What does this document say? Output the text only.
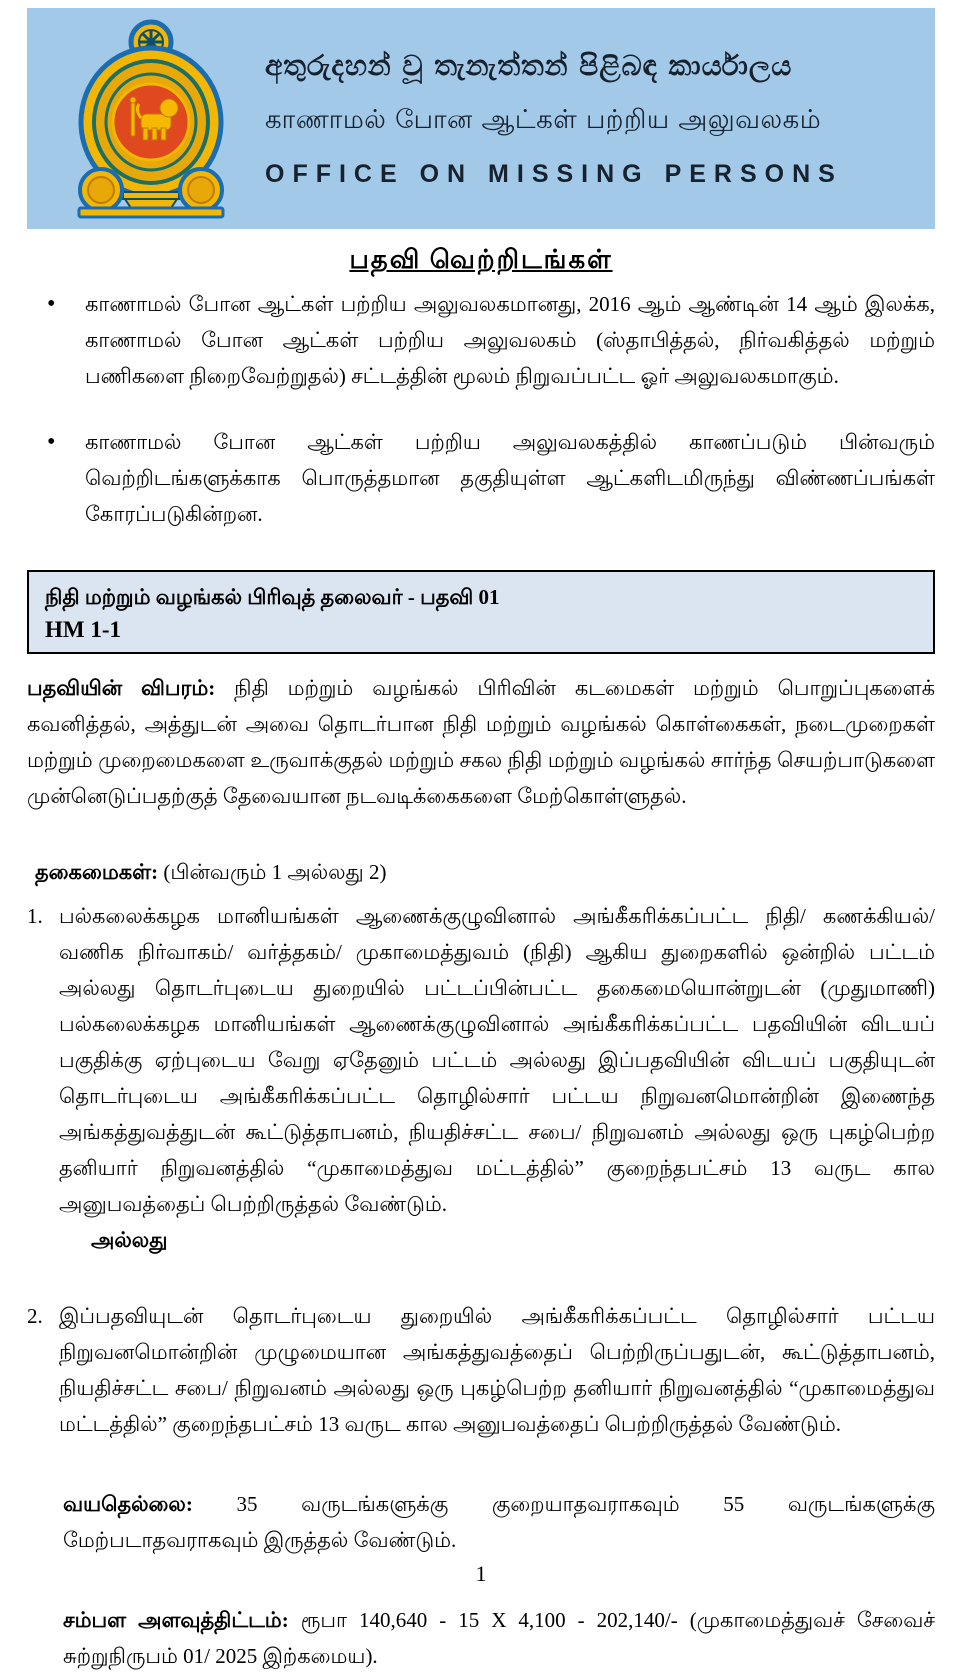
අතුරුදහන් වූ තැනැත්තන් පිළිබඳ කාර්යාලය
காணாமல் போன ஆட்கள் பற்றிய அலுவலகம்
OFFICE ON MISSING PERSONS
பதவி வெற்றிடங்கள்
•
காணாமல் போன ஆட்கள் பற்றிய அலுவலகமானது, 2016 ஆம் ஆண்டின் 14 ஆம் இலக்க, காணாமல் போன ஆட்கள் பற்றிய அலுவலகம் (ஸ்தாபித்தல், நிர்வகித்தல் மற்றும் பணிகளை நிறைவேற்றுதல்) சட்டத்தின் மூலம் நிறுவப்பட்ட ஓர் அலுவலகமாகும்.
•
காணாமல் போன ஆட்கள் பற்றிய அலுவலகத்தில் காணப்படும் பின்வரும் வெற்றிடங்களுக்காக பொருத்தமான தகுதியுள்ள ஆட்களிடமிருந்து விண்ணப்பங்கள் கோரப்படுகின்றன.
நிதி மற்றும் வழங்கல் பிரிவுத் தலைவர் - பதவி 01
HM 1-1

பதவியின் விபரம்: நிதி மற்றும் வழங்கல் பிரிவின் கடமைகள் மற்றும் பொறுப்புகளைக் கவனித்தல், அத்துடன் அவை தொடர்பான நிதி மற்றும் வழங்கல் கொள்கைகள், நடைமுறைகள் மற்றும் முறைமைகளை உருவாக்குதல் மற்றும் சகல நிதி மற்றும் வழங்கல் சார்ந்த செயற்பாடுகளை முன்னெடுப்பதற்குத் தேவையான நடவடிக்கைகளை மேற்கொள்ளுதல்.

தகைமைகள்: (பின்வரும் 1 அல்லது 2)

1. பல்கலைக்கழக மானியங்கள் ஆணைக்குழுவினால் அங்கீகரிக்கப்பட்ட நிதி/ கணக்கியல்/ வணிக நிர்வாகம்/ வர்த்தகம்/ முகாமைத்துவம் (நிதி) ஆகிய துறைகளில் ஒன்றில் பட்டம் அல்லது தொடர்புடைய துறையில் பட்டப்பின்பட்ட தகைமையொன்றுடன் (முதுமாணி) பல்கலைக்கழக மானியங்கள் ஆணைக்குழுவினால் அங்கீகரிக்கப்பட்ட பதவியின் விடயப் பகுதிக்கு ஏற்புடைய வேறு ஏதேனும் பட்டம் அல்லது இப்பதவியின் விடயப் பகுதியுடன் தொடர்புடைய அங்கீகரிக்கப்பட்ட தொழில்சார் பட்டய நிறுவனமொன்றின் இணைந்த அங்கத்துவத்துடன் கூட்டுத்தாபனம், நியதிச்சட்ட சபை/ நிறுவனம் அல்லது ஒரு புகழ்பெற்ற தனியார் நிறுவனத்தில் “முகாமைத்துவ மட்டத்தில்” குறைந்தபட்சம் 13 வருட கால அனுபவத்தைப் பெற்றிருத்தல் வேண்டும்.
அல்லது
2. இப்பதவியுடன் தொடர்புடைய துறையில் அங்கீகரிக்கப்பட்ட தொழில்சார் பட்டய நிறுவனமொன்றின் முழுமையான அங்கத்துவத்தைப் பெற்றிருப்பதுடன், கூட்டுத்தாபனம், நியதிச்சட்ட சபை/ நிறுவனம் அல்லது ஒரு புகழ்பெற்ற தனியார் நிறுவனத்தில் “முகாமைத்துவ மட்டத்தில்” குறைந்தபட்சம் 13 வருட கால அனுபவத்தைப் பெற்றிருத்தல் வேண்டும்.

வயதெல்லை: 35 வருடங்களுக்கு குறையாதவராகவும் 55 வருடங்களுக்கு மேற்படாதவராகவும் இருத்தல் வேண்டும்.

சம்பள அளவுத்திட்டம்: ரூபா 140,640 - 15 X 4,100 - 202,140/- (முகாமைத்துவச் சேவைச் சுற்றுநிருபம் 01/ 2025 இற்கமைய).

1
